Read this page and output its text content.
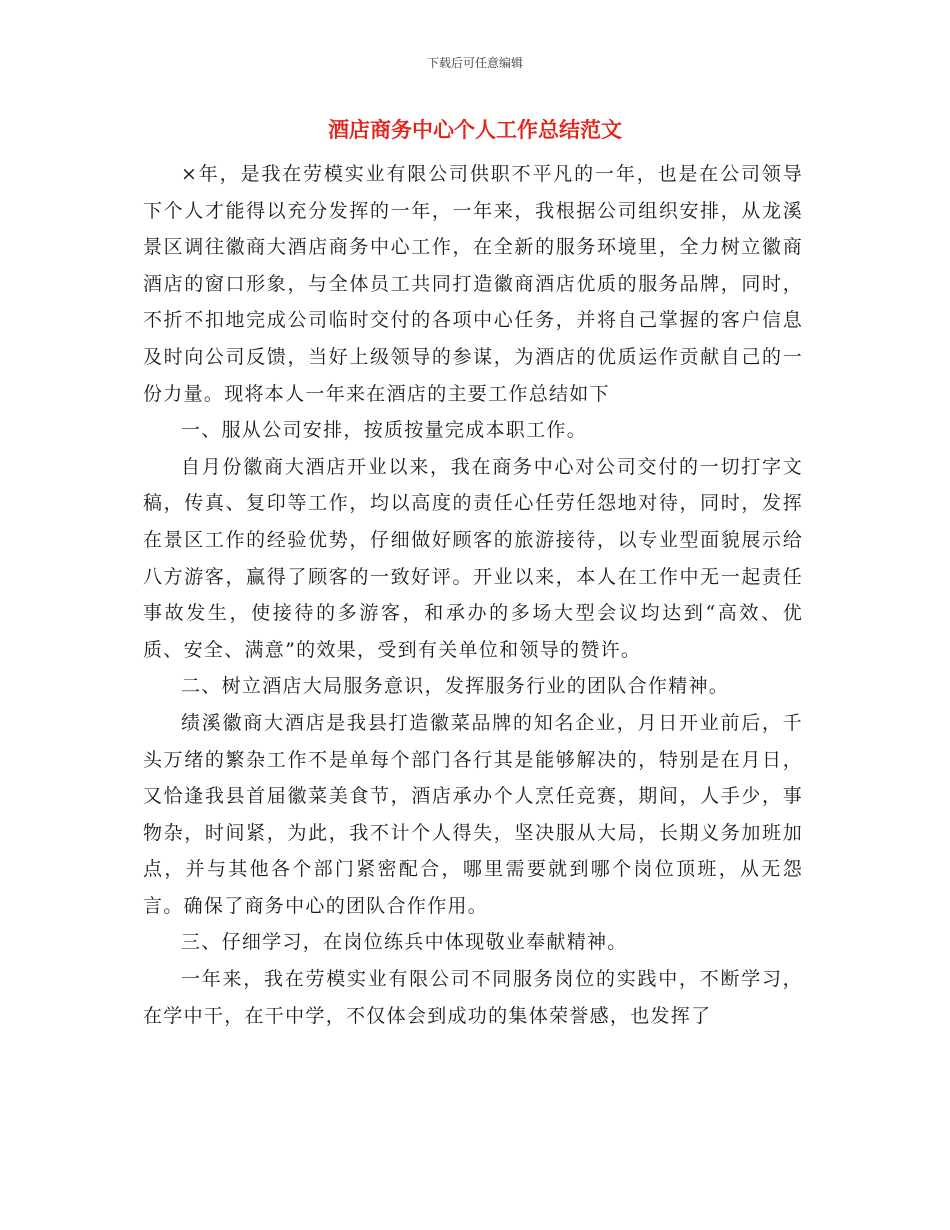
下载后可任意编辑
酒店商务中心个人工作总结范文

×年，是我在劳模实业有限公司供职不平凡的一年，也是在公司领导下个人才能得以充分发挥的一年，一年来，我根据公司组织安排，从龙溪景区调往徽商大酒店商务中心工作，在全新的服务环境里，全力树立徽商酒店的窗口形象，与全体员工共同打造徽商酒店优质的服务品牌，同时，不折不扣地完成公司临时交付的各项中心任务，并将自己掌握的客户信息及时向公司反馈，当好上级领导的参谋，为酒店的优质运作贡献自己的一份力量。现将本人一年来在酒店的主要工作总结如下

一、服从公司安排，按质按量完成本职工作。

自月份徽商大酒店开业以来，我在商务中心对公司交付的一切打字文稿，传真、复印等工作，均以高度的责任心任劳任怨地对待，同时，发挥在景区工作的经验优势，仔细做好顾客的旅游接待，以专业型面貌展示给八方游客，赢得了顾客的一致好评。开业以来，本人在工作中无一起责任事故发生，使接待的多游客，和承办的多场大型会议均达到“高效、优质、安全、满意”的效果，受到有关单位和领导的赞许。

二、树立酒店大局服务意识，发挥服务行业的团队合作精神。

绩溪徽商大酒店是我县打造徽菜品牌的知名企业，月日开业前后，千头万绪的繁杂工作不是单每个部门各行其是能够解决的，特别是在月日，又恰逢我县首届徽菜美食节，酒店承办个人烹任竞赛，期间，人手少，事物杂，时间紧，为此，我不计个人得失，坚决服从大局，长期义务加班加点，并与其他各个部门紧密配合，哪里需要就到哪个岗位顶班，从无怨言。确保了商务中心的团队合作作用。

三、仔细学习，在岗位练兵中体现敬业奉献精神。

一年来，我在劳模实业有限公司不同服务岗位的实践中，不断学习，在学中干，在干中学，不仅体会到成功的集体荣誉感，也发挥了
